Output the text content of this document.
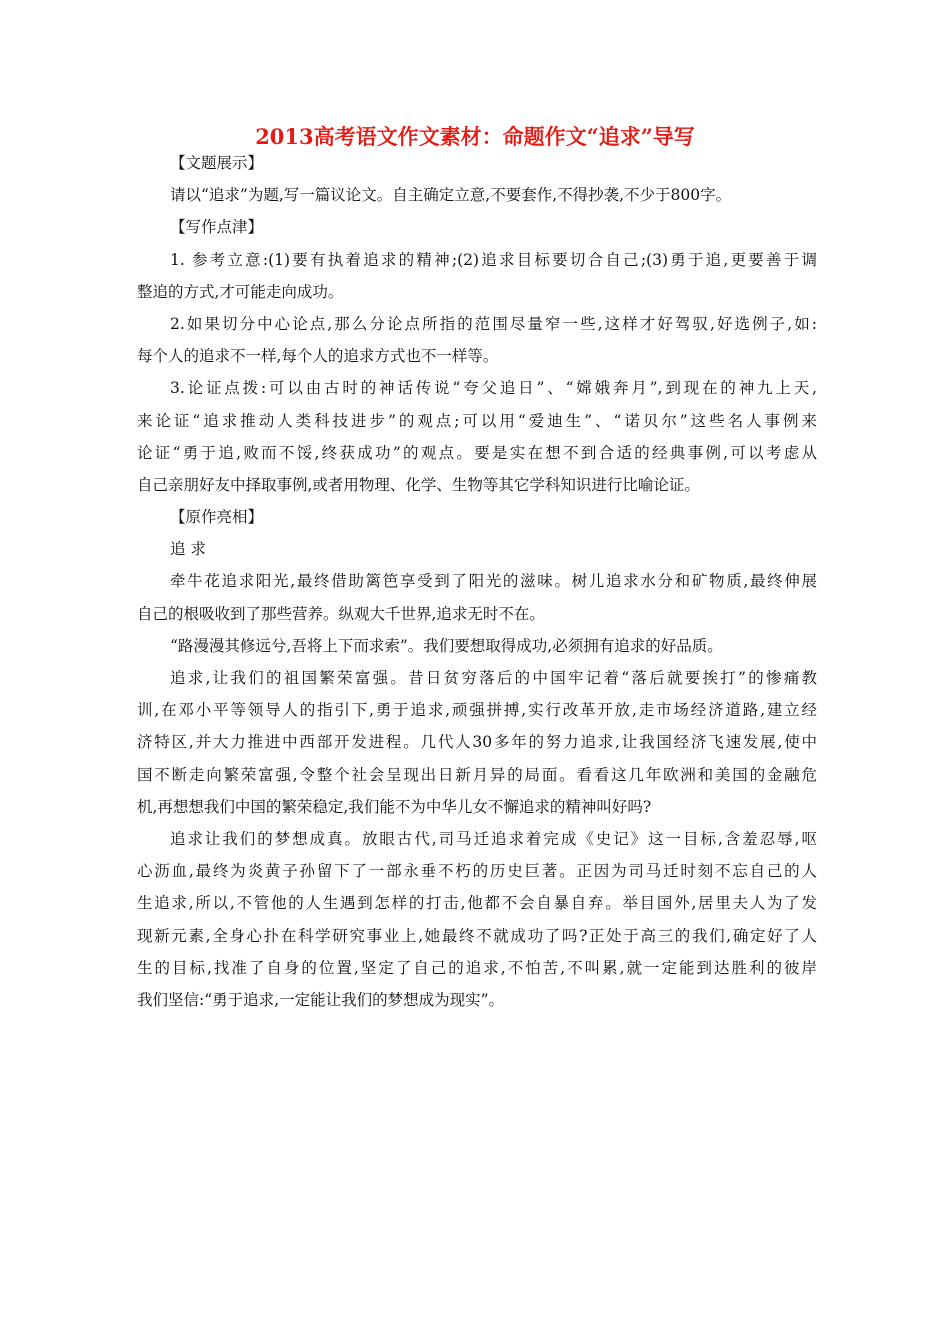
2013高考语文作文素材：命题作文“追求”导写
【文题展示】
请以“追求”为题,写一篇议论文。自主确定立意,不要套作,不得抄袭,不少于800字。
【写作点津】
1. 参考立意:(1)要有执着追求的精神;(2)追求目标要切合自己;(3)勇于追,更要善于调
整追的方式,才可能走向成功。
2.如果切分中心论点,那么分论点所指的范围尽量窄一些,这样才好驾驭,好选例子,如:
每个人的追求不一样,每个人的追求方式也不一样等。
3.论证点拨:可以由古时的神话传说“夸父追日”、“嫦娥奔月”,到现在的神九上天,
来论证“追求推动人类科技进步”的观点;可以用“爱迪生”、“诺贝尔”这些名人事例来
论证“勇于追,败而不馁,终获成功”的观点。要是实在想不到合适的经典事例,可以考虑从
自己亲朋好友中择取事例,或者用物理、化学、生物等其它学科知识进行比喻论证。
【原作亮相】
追 求
牵牛花追求阳光,最终借助篱笆享受到了阳光的滋味。树儿追求水分和矿物质,最终伸展
自己的根吸收到了那些营养。纵观大千世界,追求无时不在。
“路漫漫其修远兮,吾将上下而求索”。我们要想取得成功,必须拥有追求的好品质。
追求,让我们的祖国繁荣富强。昔日贫穷落后的中国牢记着“落后就要挨打”的惨痛教
训,在邓小平等领导人的指引下,勇于追求,顽强拼搏,实行改革开放,走市场经济道路,建立经
济特区,并大力推进中西部开发进程。几代人30多年的努力追求,让我国经济飞速发展,使中
国不断走向繁荣富强,令整个社会呈现出日新月异的局面。看看这几年欧洲和美国的金融危
机,再想想我们中国的繁荣稳定,我们能不为中华儿女不懈追求的精神叫好吗?
追求让我们的梦想成真。放眼古代,司马迁追求着完成《史记》这一目标,含羞忍辱,呕
心沥血,最终为炎黄子孙留下了一部永垂不朽的历史巨著。正因为司马迁时刻不忘自己的人
生追求,所以,不管他的人生遇到怎样的打击,他都不会自暴自弃。举目国外,居里夫人为了发
现新元素,全身心扑在科学研究事业上,她最终不就成功了吗?正处于高三的我们,确定好了人
生的目标,找准了自身的位置,坚定了自己的追求,不怕苦,不叫累,就一定能到达胜利的彼岸
我们坚信:“勇于追求,一定能让我们的梦想成为现实”。
